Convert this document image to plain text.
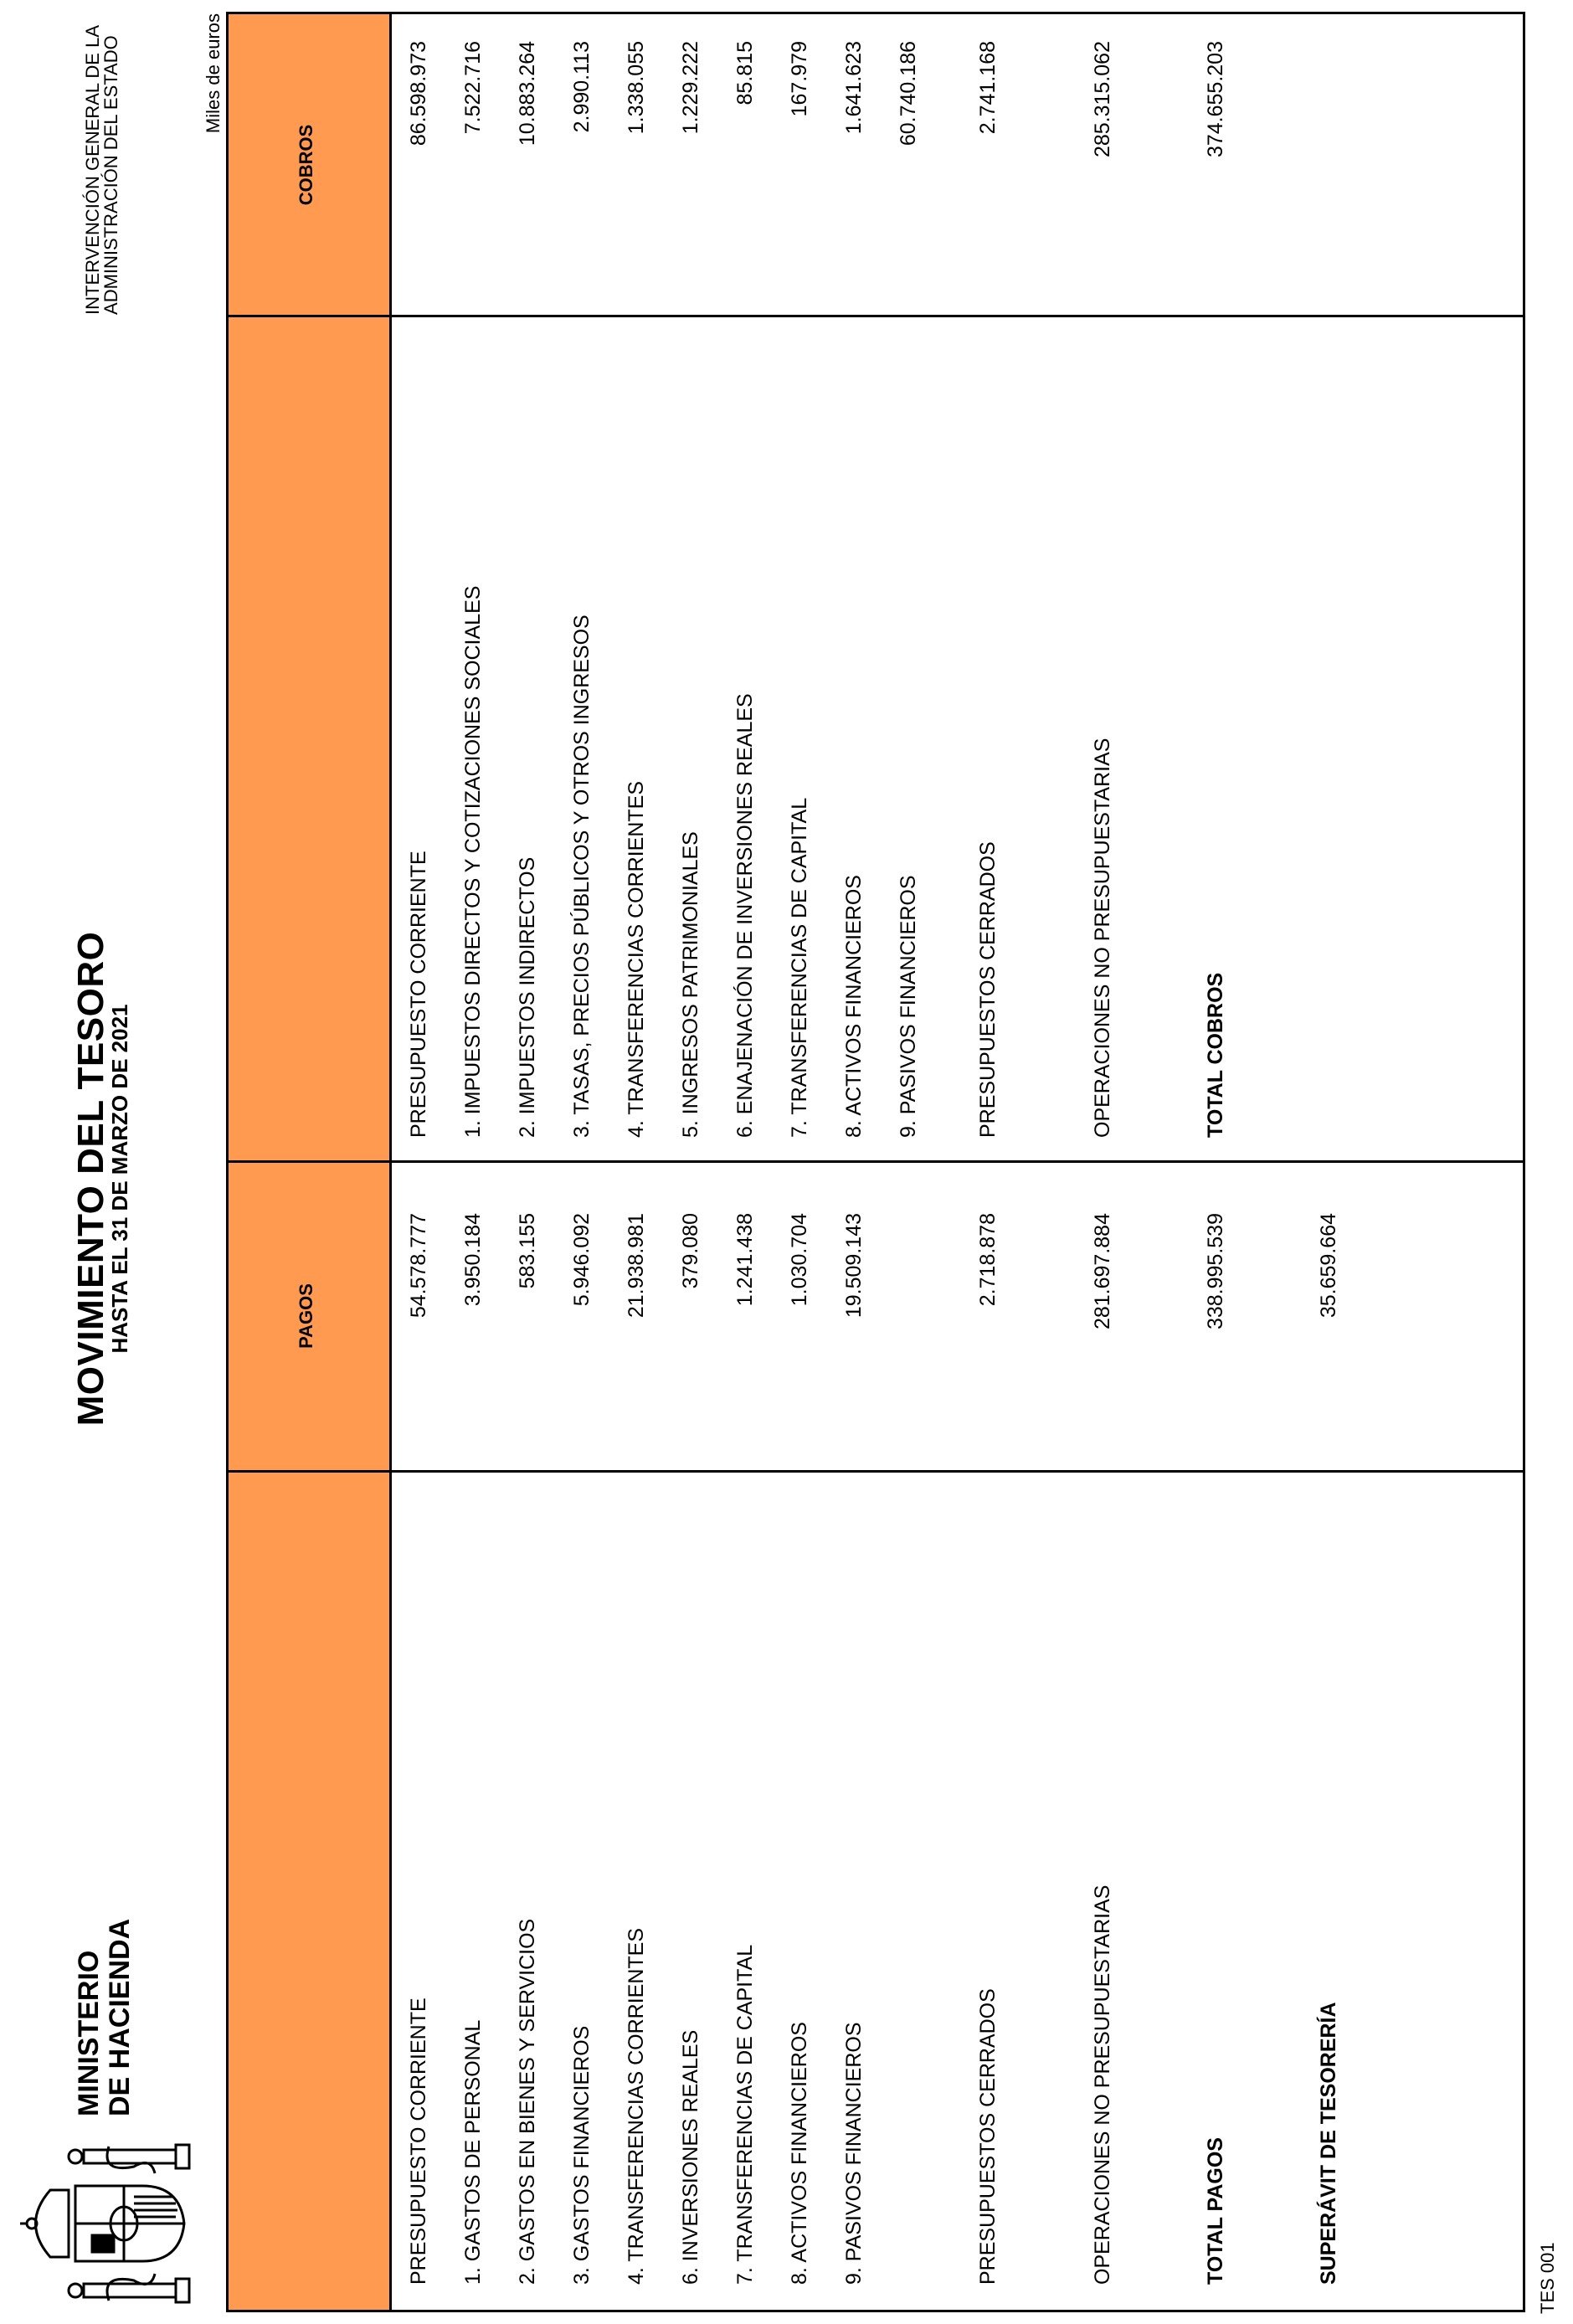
MINISTERIO DE HACIENDA
MOVIMIENTO DEL TESORO
HASTA EL 31 DE MARZO DE 2021
INTERVENCIÓN GENERAL DE LA
ADMINISTRACIÓN DEL ESTADO	Miles de euros
PAGOS
COBROS
PRESUPUESTO CORRIENTE
54.578.777
1. GASTOS DE PERSONAL
3.950.184
2. GASTOS EN BIENES Y SERVICIOS
583.155
3. GASTOS FINANCIEROS
5.946.092
4. TRANSFERENCIAS CORRIENTES
21.938.981
6. INVERSIONES REALES
379.080
7. TRANSFERENCIAS DE CAPITAL
1.241.438
8. ACTIVOS FINANCIEROS
1.030.704
9. PASIVOS FINANCIEROS
19.509.143
PRESUPUESTOS CERRADOS
2.718.878
OPERACIONES NO PRESUPUESTARIAS
281.697.884
TOTAL PAGOS
338.995.539
SUPERÁVIT DE TESORERÍA
35.659.664
PRESUPUESTO CORRIENTE
86.598.973
1. IMPUESTOS DIRECTOS Y COTIZACIONES SOCIALES
7.522.716
2. IMPUESTOS INDIRECTOS
10.883.264
3. TASAS, PRECIOS PÚBLICOS Y OTROS INGRESOS
2.990.113
4. TRANSFERENCIAS CORRIENTES
1.338.055
5. INGRESOS PATRIMONIALES
1.229.222
6. ENAJENACIÓN DE INVERSIONES REALES
85.815
7. TRANSFERENCIAS DE CAPITAL
167.979
8. ACTIVOS FINANCIEROS
1.641.623
9. PASIVOS FINANCIEROS
60.740.186
PRESUPUESTOS CERRADOS
2.741.168
OPERACIONES NO PRESUPUESTARIAS
285.315.062
TOTAL COBROS
374.655.203
TES 001
